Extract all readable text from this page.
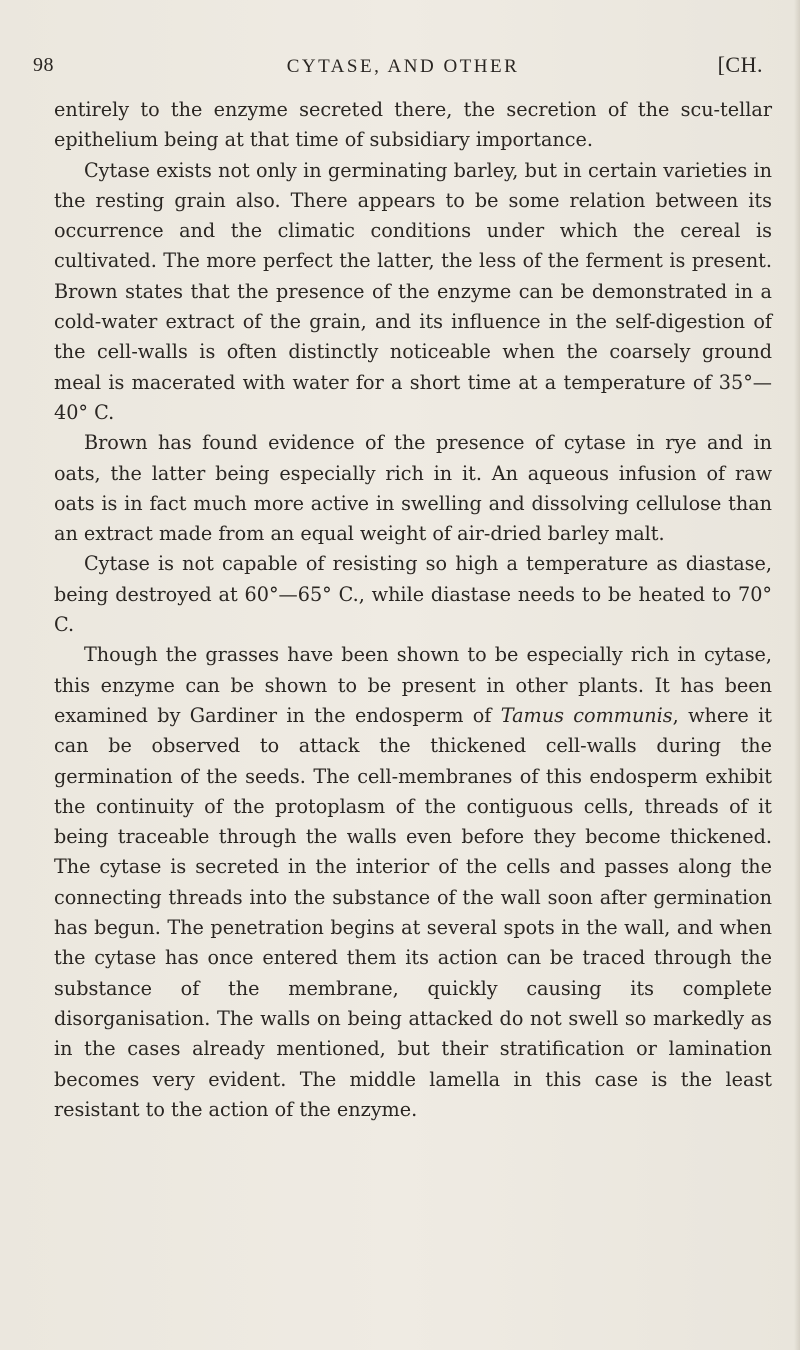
98	CYTASE, AND OTHER	[CH.

entirely to the enzyme secreted there, the secretion of the scu-tellar epithelium being at that time of subsidiary importance.

Cytase exists not only in germinating barley, but in certain varieties in the resting grain also. There appears to be some relation between its occurrence and the climatic conditions under which the cereal is cultivated. The more perfect the latter, the less of the ferment is present. Brown states that the presence of the enzyme can be demonstrated in a cold-water extract of the grain, and its influence in the self-digestion of the cell-walls is often distinctly noticeable when the coarsely ground meal is macerated with water for a short time at a temperature of 35°—40° C.

Brown has found evidence of the presence of cytase in rye and in oats, the latter being especially rich in it. An aqueous infusion of raw oats is in fact much more active in swelling and dissolving cellulose than an extract made from an equal weight of air-dried barley malt.

Cytase is not capable of resisting so high a temperature as diastase, being destroyed at 60°—65° C., while diastase needs to be heated to 70° C.

Though the grasses have been shown to be especially rich in cytase, this enzyme can be shown to be present in other plants. It has been examined by Gardiner in the endosperm of Tamus communis, where it can be observed to attack the thickened cell-walls during the germination of the seeds. The cell-membranes of this endosperm exhibit the continuity of the protoplasm of the contiguous cells, threads of it being traceable through the walls even before they become thickened. The cytase is secreted in the interior of the cells and passes along the connecting threads into the substance of the wall soon after germination has begun. The penetration begins at several spots in the wall, and when the cytase has once entered them its action can be traced through the substance of the membrane, quickly causing its complete disorganisation. The walls on being attacked do not swell so markedly as in the cases already mentioned, but their stratification or lamination becomes very evident. The middle lamella in this case is the least resistant to the action of the enzyme.
